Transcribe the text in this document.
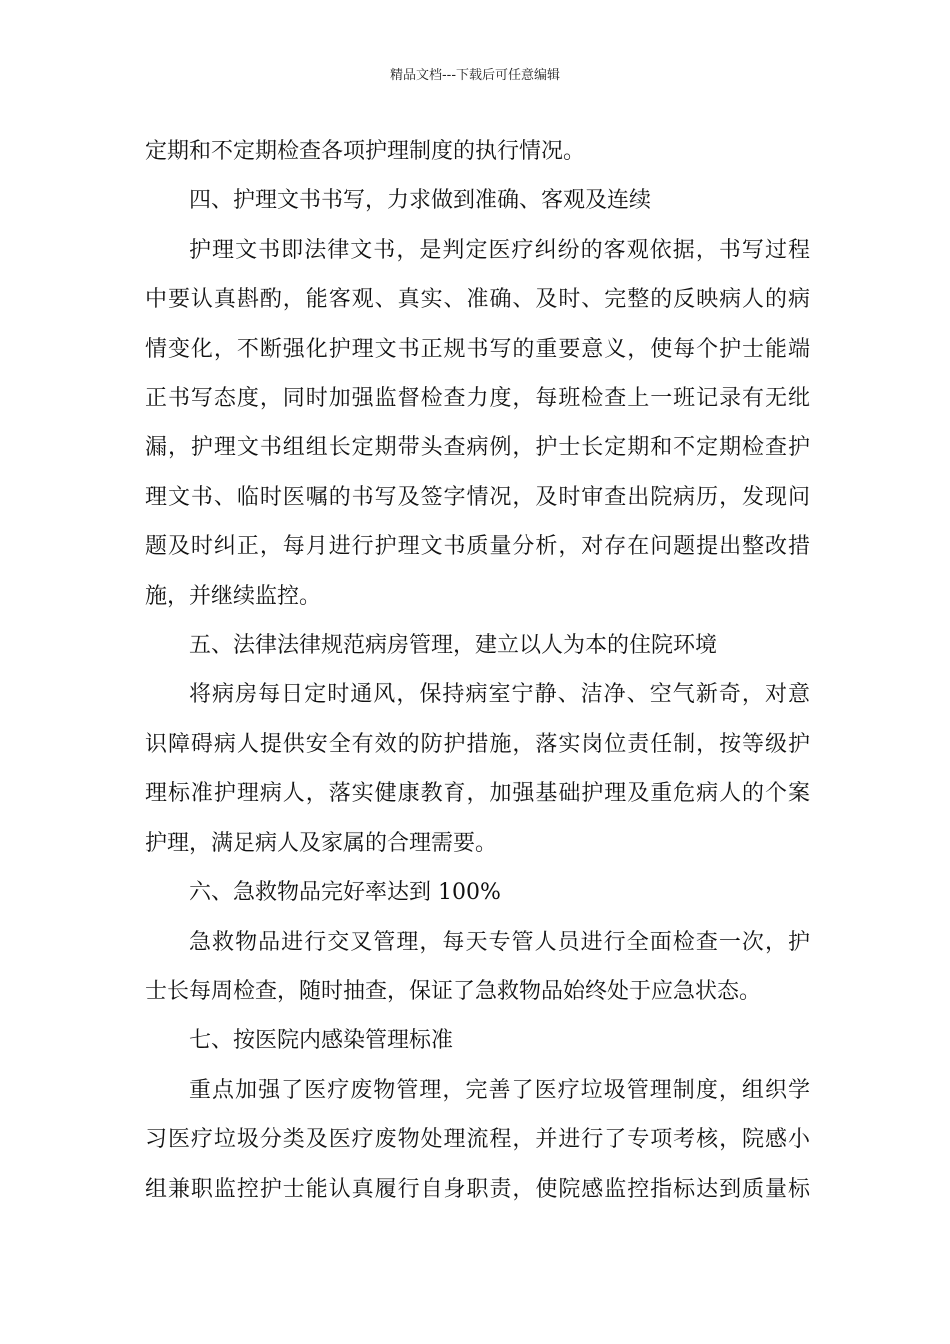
精品文档---下载后可任意编辑
定期和不定期检查各项护理制度的执行情况。
四、护理文书书写，力求做到准确、客观及连续
护理文书即法律文书，是判定医疗纠纷的客观依据，书写过程
中要认真斟酌，能客观、真实、准确、及时、完整的反映病人的病
情变化，不断强化护理文书正规书写的重要意义，使每个护士能端
正书写态度，同时加强监督检查力度，每班检查上一班记录有无纰
漏，护理文书组组长定期带头查病例，护士长定期和不定期检查护
理文书、临时医嘱的书写及签字情况，及时审查出院病历，发现问
题及时纠正，每月进行护理文书质量分析，对存在问题提出整改措
施，并继续监控。
五、法律法律规范病房管理，建立以人为本的住院环境
将病房每日定时通风，保持病室宁静、洁净、空气新奇，对意
识障碍病人提供安全有效的防护措施，落实岗位责任制，按等级护
理标准护理病人，落实健康教育，加强基础护理及重危病人的个案
护理，满足病人及家属的合理需要。
六、急救物品完好率达到 100%
急救物品进行交叉管理，每天专管人员进行全面检查一次，护
士长每周检查，随时抽查，保证了急救物品始终处于应急状态。
七、按医院内感染管理标准
重点加强了医疗废物管理，完善了医疗垃圾管理制度，组织学
习医疗垃圾分类及医疗废物处理流程，并进行了专项考核，院感小
组兼职监控护士能认真履行自身职责，使院感监控指标达到质量标
